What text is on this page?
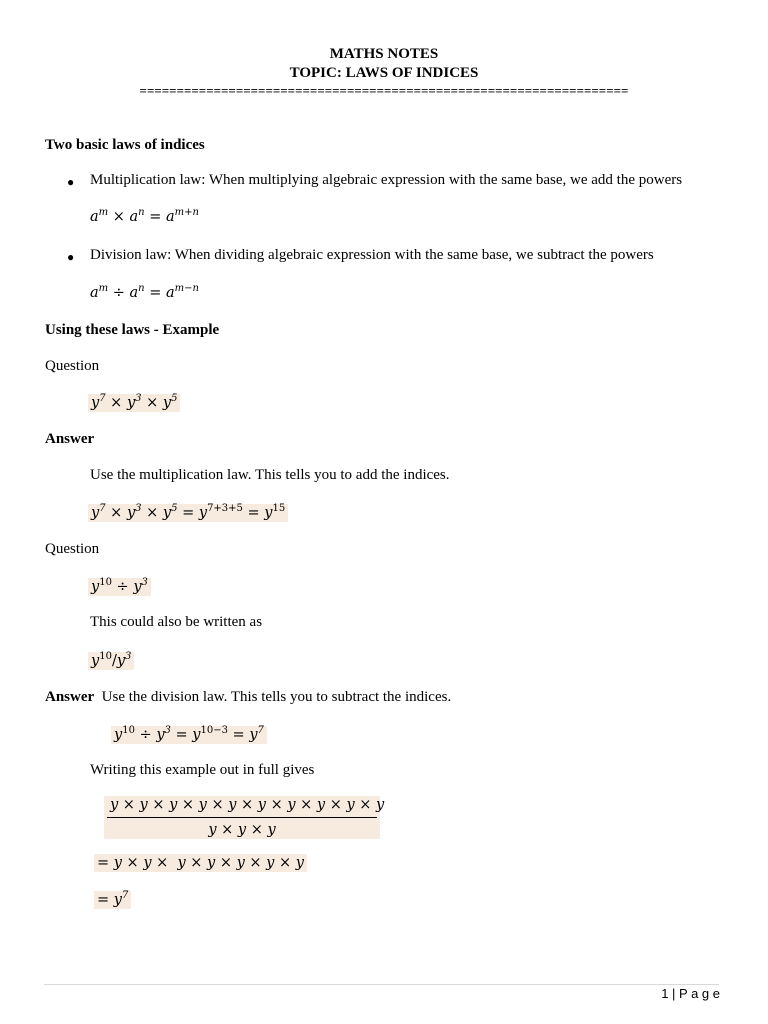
MATHS NOTES
TOPIC: LAWS OF INDICES
==================================================================
Two basic laws of indices
● Multiplication law: When multiplying algebraic expression with the same base, we add the powers
$a^m \times a^n = a^{m+n}$
● Division law: When dividing algebraic expression with the same base, we subtract the powers
$a^m \div a^n = a^{m-n}$
Using these laws - Example
Question
$y^7 \times y^3 \times y^5$
Answer
Use the multiplication law. This tells you to add the indices.
$y^7 \times y^3 \times y^5 = y^{7+3+5} = y^{15}$
Question
$y^{10} \div y^3$
This could also be written as
$y^{10}/y^3$
Answer Use the division law. This tells you to subtract the indices.
$y^{10} \div y^3 = y^{10-3} = y^7$
Writing this example out in full gives
$\frac{y \times y \times y \times y \times y \times y \times y \times y \times y \times y}{y \times y \times y}$
= y × y ×  y × y × y × y × y
= $y^7$
1 | P a g e
